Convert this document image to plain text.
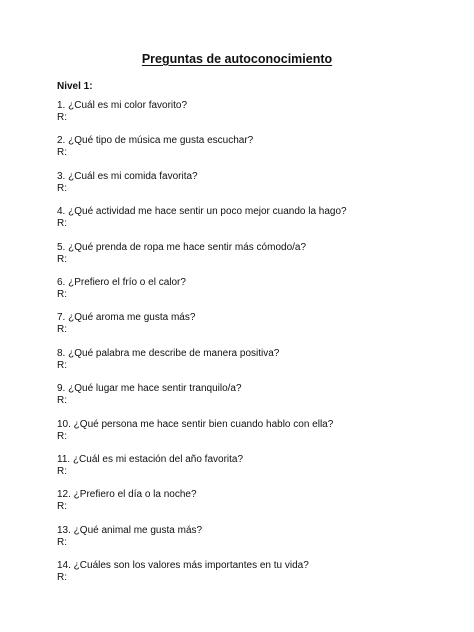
Preguntas de autoconocimiento
Nivel 1:
1. ¿Cuál es mi color favorito?
R:
2. ¿Qué tipo de música me gusta escuchar?
R:
3. ¿Cuál es mi comida favorita?
R:
4. ¿Qué actividad me hace sentir un poco mejor cuando la hago?
R:
5. ¿Qué prenda de ropa me hace sentir más cómodo/a?
R:
6. ¿Prefiero el frío o el calor?
R:
7. ¿Qué aroma me gusta más?
R:
8. ¿Qué palabra me describe de manera positiva?
R:
9. ¿Qué lugar me hace sentir tranquilo/a?
R:
10. ¿Qué persona me hace sentir bien cuando hablo con ella?
R:
11. ¿Cuál es mi estación del año favorita?
R:
12. ¿Prefiero el día o la noche?
R:
13. ¿Qué animal me gusta más?
R:
14. ¿Cuáles son los valores más importantes en tu vida?
R:
